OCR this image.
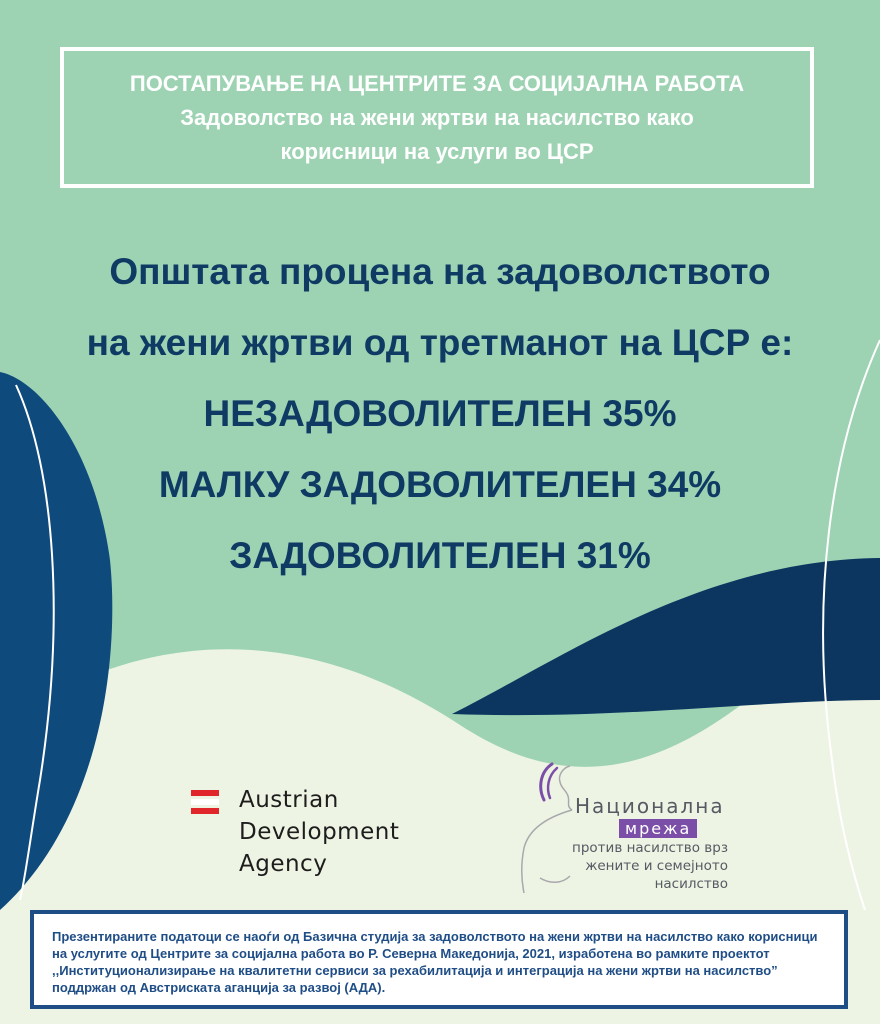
ПОСТАПУВАЊЕ НА ЦЕНТРИТЕ ЗА СОЦИЈАЛНА РАБОТА
Задоволство на жени жртви на насилство како
корисници на услуги во ЦСР
Општата процена на задоволството
на жени жртви од третманот на ЦСР е:
НЕЗАДОВОЛИТЕЛЕН 35%
МАЛКУ ЗАДОВОЛИТЕЛЕН 34%
ЗАДОВОЛИТЕЛЕН 31%
Austrian
Development
Agency
Национална
мрежа
против насилство врз
жените и семејното
насилство
Презентираните податоци се наоѓи од Базична студија за задоволството на жени жртви на насилство како корисници на услугите од Центрите за социјална работа во Р. Северна Македонија, 2021, изработена во рамките проектот ,,Институционализирање на квалитетни сервиси за рехабилитација и интеграција на жени жртви на насилство” поддржан од Австриската аганција за развој (АДА).
